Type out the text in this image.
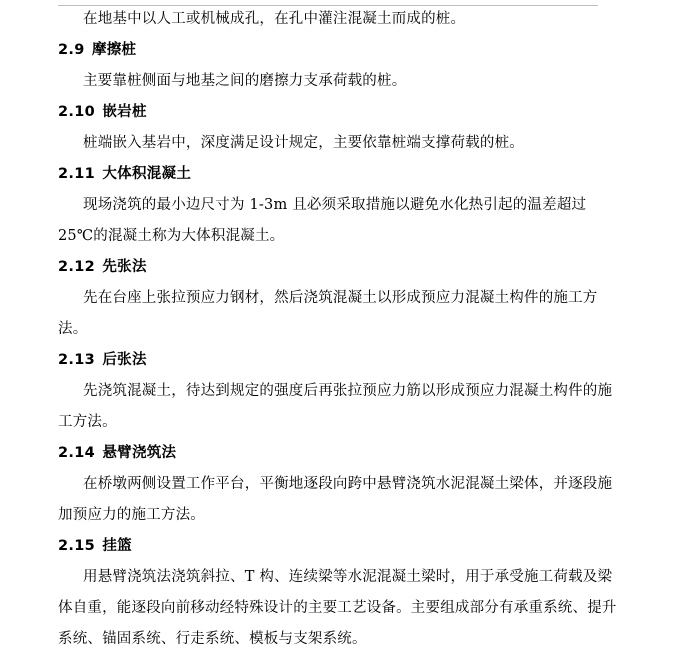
在地基中以人工或机械成孔，在孔中灌注混凝土而成的桩。

2.9 摩擦桩

主要靠桩侧面与地基之间的磨擦力支承荷载的桩。

2.10 嵌岩桩

桩端嵌入基岩中，深度满足设计规定，主要依靠桩端支撑荷载的桩。

2.11 大体积混凝土

现场浇筑的最小边尺寸为 1-3m 且必须采取措施以避免水化热引起的温差超过 25℃的混凝土称为大体积混凝土。

2.12 先张法

先在台座上张拉预应力钢材，然后浇筑混凝土以形成预应力混凝土构件的施工方法。

2.13 后张法

先浇筑混凝土，待达到规定的强度后再张拉预应力筋以形成预应力混凝土构件的施工方法。

2.14 悬臂浇筑法

在桥墩两侧设置工作平台，平衡地逐段向跨中悬臂浇筑水泥混凝土梁体，并逐段施加预应力的施工方法。

2.15 挂篮

用悬臂浇筑法浇筑斜拉、T 构、连续梁等水泥混凝土梁时，用于承受施工荷载及梁体自重，能逐段向前移动经特殊设计的主要工艺设备。主要组成部分有承重系统、提升系统、锚固系统、行走系统、模板与支架系统。
